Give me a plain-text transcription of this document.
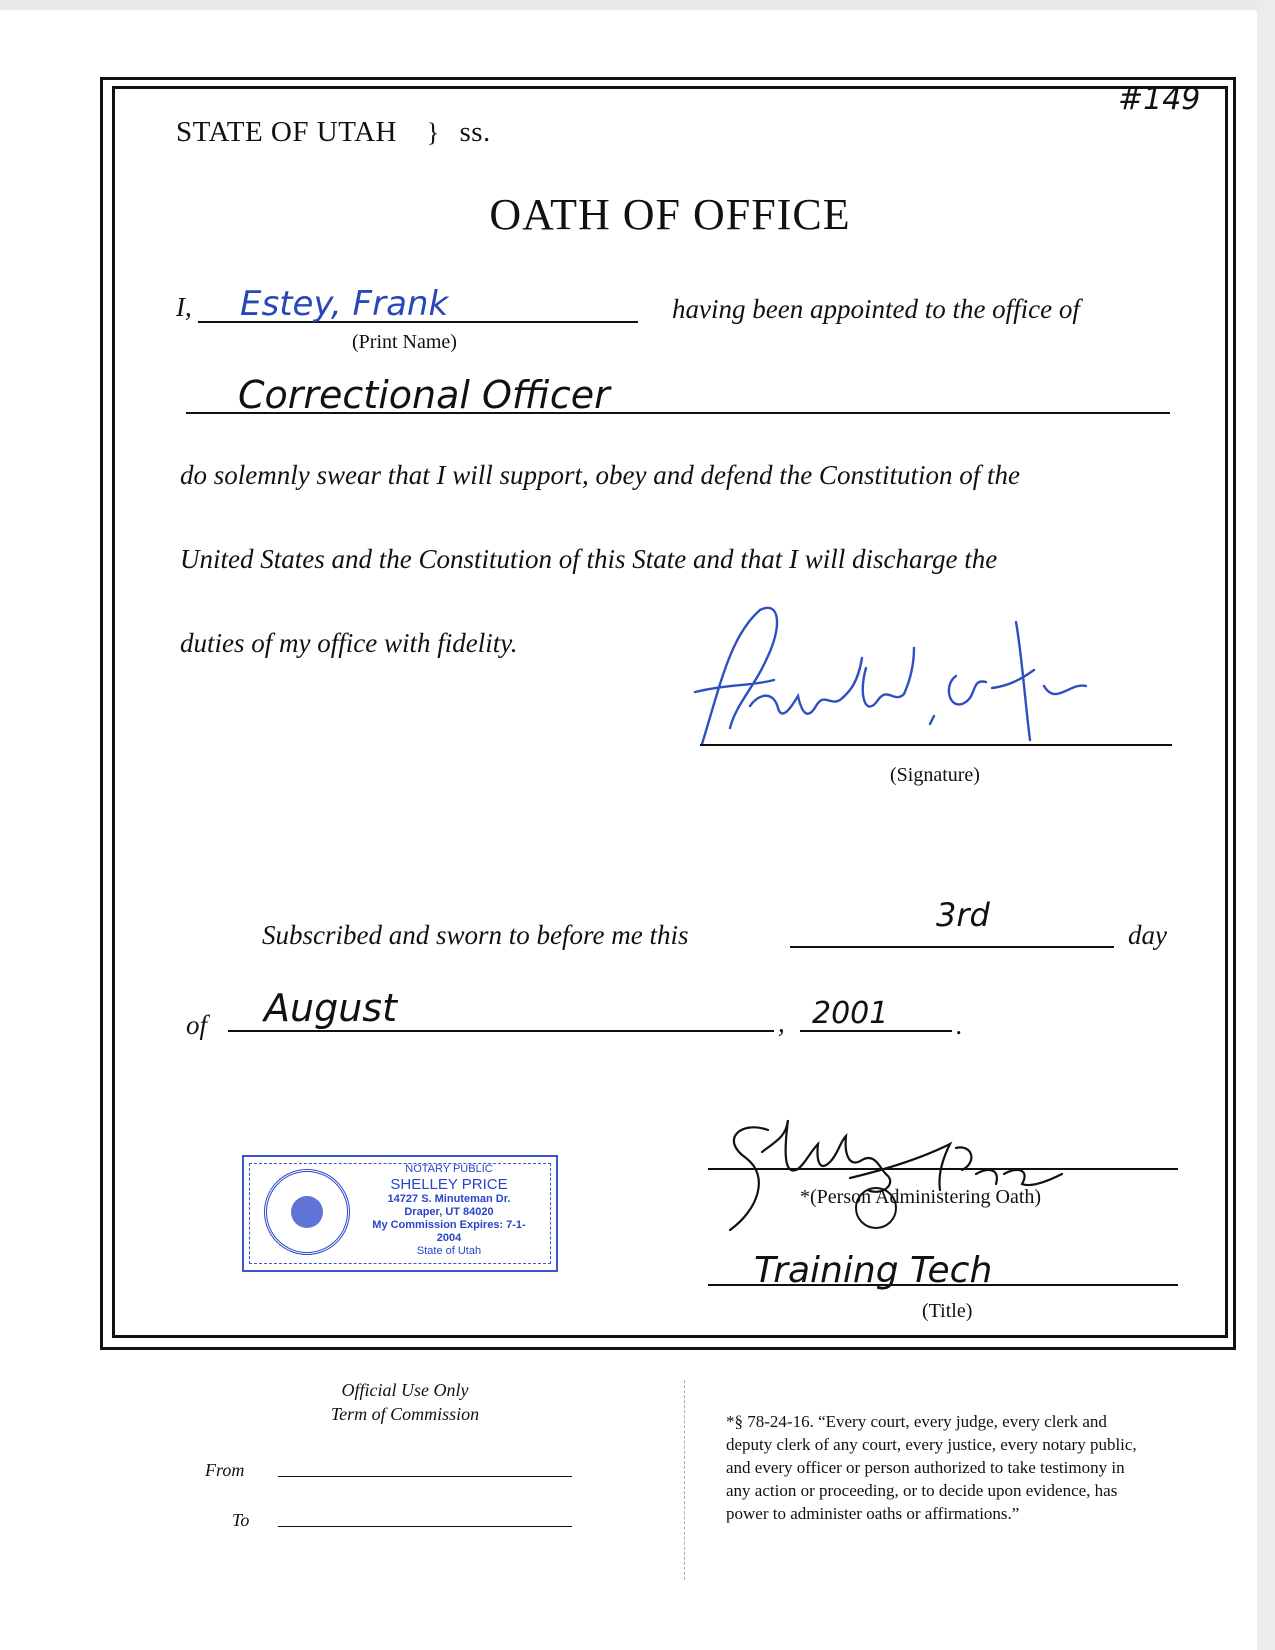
STATE OF UTAH } ss.
#149
OATH OF OFFICE
I, Estey, Frank
(Print Name)
having been appointed to the office of
Correctional Officer
do solemnly swear that I will support, obey and defend the Constitution of the
United States and the Constitution of this State and that I will discharge the
duties of my office with fidelity.
(Signature)
Subscribed and sworn to before me this
3rd
day
of August	, 2001	.
NOTARY PUBLIC
SHELLEY PRICE
14727 S. Minuteman Dr.
Draper, UT 84020
My Commission Expires: 7-1-2004
State of Utah
*(Person Administering Oath)
Training Tech
(Title)
Official Use Only
Term of Commission
From
To
*§ 78-24-16. “Every court, every judge, every clerk and
deputy clerk of any court, every justice, every notary public,
and every officer or person authorized to take testimony in
any action or proceeding, or to decide upon evidence, has
power to administer oaths or affirmations.”
